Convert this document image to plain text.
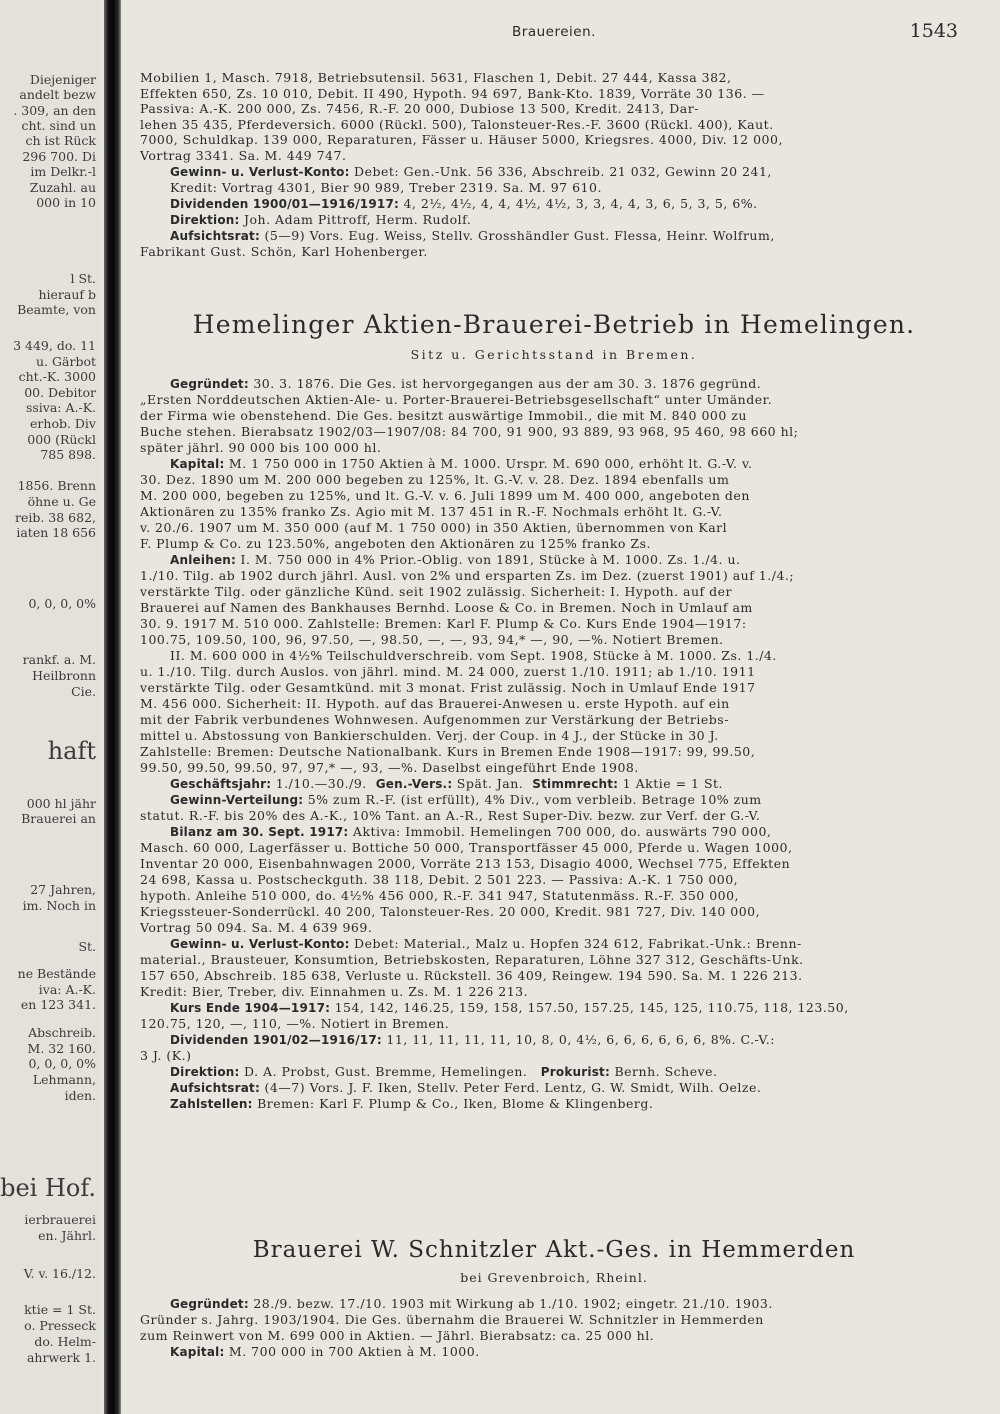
Diejeniger
andelt bezw
. 309, an den
cht. sind un
ch ist Rück
296 700. Di
im Delkr.-l
Zuzahl. au
000 in 10
l St.
hierauf b
Beamte, von
3 449, do. 11
u. Gärbot
cht.-K. 3000
00. Debitor
ssiva: A.-K.
erhob. Div
000 (Rückl
785 898.
1856. Brenn
öhne u. Ge
reib. 38 682,
iaten 18 656
0, 0, 0, 0%
rankf. a. M.
Heilbronn
Cie.
haft
000 hl jähr
Brauerei an
27 Jahren,
im. Noch in
St.
ne Bestände
iva: A.-K.
en 123 341.
Abschreib.
M. 32 160.
0, 0, 0, 0%
Lehmann,
iden.
bei Hof.
ierbrauerei
en. Jährl.
V. v. 16./12.
ktie = 1 St.
o. Presseck
do. Helm-
ahrwerk 1.
Brauereien.	1543
Mobilien 1, Masch. 7918, Betriebsutensil. 5631, Flaschen 1, Debit. 27 444, Kassa 382,
Effekten 650, Zs. 10 010, Debit. II 490, Hypoth. 94 697, Bank-Kto. 1839, Vorräte 30 136. —
Passiva: A.-K. 200 000, Zs. 7456, R.-F. 20 000, Dubiose 13 500, Kredit. 2413, Dar-
lehen 35 435, Pferdeversich. 6000 (Rückl. 500), Talonsteuer-Res.-F. 3600 (Rückl. 400), Kaut.
7000, Schuldkap. 139 000, Reparaturen, Fässer u. Häuser 5000, Kriegsres. 4000, Div. 12 000,
Vortrag 3341. Sa. M. 449 747.
Gewinn- u. Verlust-Konto: Debet: Gen.-Unk. 56 336, Abschreib. 21 032, Gewinn 20 241,
Kredit: Vortrag 4301, Bier 90 989, Treber 2319. Sa. M. 97 610.
Dividenden 1900/01—1916/1917: 4, 2½, 4½, 4, 4, 4½, 4½, 3, 3, 4, 4, 3, 6, 5, 3, 5, 6%.
Direktion: Joh. Adam Pittroff, Herm. Rudolf.
Aufsichtsrat: (5—9) Vors. Eug. Weiss, Stellv. Grosshändler Gust. Flessa, Heinr. Wolfrum,
Fabrikant Gust. Schön, Karl Hohenberger.
Hemelinger Aktien-Brauerei-Betrieb in Hemelingen.
Sitz u. Gerichtsstand in Bremen.
Gegründet: 30. 3. 1876. Die Ges. ist hervorgegangen aus der am 30. 3. 1876 gegründ.
„Ersten Norddeutschen Aktien-Ale- u. Porter-Brauerei-Betriebsgesellschaft“ unter Umänder.
der Firma wie obenstehend. Die Ges. besitzt auswärtige Immobil., die mit M. 840 000 zu
Buche stehen. Bierabsatz 1902/03—1907/08: 84 700, 91 900, 93 889, 93 968, 95 460, 98 660 hl;
später jährl. 90 000 bis 100 000 hl.
Kapital: M. 1 750 000 in 1750 Aktien à M. 1000. Urspr. M. 690 000, erhöht lt. G.-V. v.
30. Dez. 1890 um M. 200 000 begeben zu 125%, lt. G.-V. v. 28. Dez. 1894 ebenfalls um
M. 200 000, begeben zu 125%, und lt. G.-V. v. 6. Juli 1899 um M. 400 000, angeboten den
Aktionären zu 135% franko Zs. Agio mit M. 137 451 in R.-F. Nochmals erhöht lt. G.-V.
v. 20./6. 1907 um M. 350 000 (auf M. 1 750 000) in 350 Aktien, übernommen von Karl
F. Plump & Co. zu 123.50%, angeboten den Aktionären zu 125% franko Zs.
Anleihen: I. M. 750 000 in 4% Prior.-Oblig. von 1891, Stücke à M. 1000. Zs. 1./4. u.
1./10. Tilg. ab 1902 durch jährl. Ausl. von 2% und ersparten Zs. im Dez. (zuerst 1901) auf 1./4.;
verstärkte Tilg. oder gänzliche Künd. seit 1902 zulässig. Sicherheit: I. Hypoth. auf der
Brauerei auf Namen des Bankhauses Bernhd. Loose & Co. in Bremen. Noch in Umlauf am
30. 9. 1917 M. 510 000. Zahlstelle: Bremen: Karl F. Plump & Co. Kurs Ende 1904—1917:
100.75, 109.50, 100, 96, 97.50, —, 98.50, —, —, 93, 94,* —, 90, —%. Notiert Bremen.
II. M. 600 000 in 4½% Teilschuldverschreib. vom Sept. 1908, Stücke à M. 1000. Zs. 1./4.
u. 1./10. Tilg. durch Auslos. von jährl. mind. M. 24 000, zuerst 1./10. 1911; ab 1./10. 1911
verstärkte Tilg. oder Gesamtkünd. mit 3 monat. Frist zulässig. Noch in Umlauf Ende 1917
M. 456 000. Sicherheit: II. Hypoth. auf das Brauerei-Anwesen u. erste Hypoth. auf ein
mit der Fabrik verbundenes Wohnwesen. Aufgenommen zur Verstärkung der Betriebs-
mittel u. Abstossung von Bankierschulden. Verj. der Coup. in 4 J., der Stücke in 30 J.
Zahlstelle: Bremen: Deutsche Nationalbank. Kurs in Bremen Ende 1908—1917: 99, 99.50,
99.50, 99.50, 99.50, 97, 97,* —, 93, —%. Daselbst eingeführt Ende 1908.
Geschäftsjahr: 1./10.—30./9. Gen.-Vers.: Spät. Jan. Stimmrecht: 1 Aktie = 1 St.
Gewinn-Verteilung: 5% zum R.-F. (ist erfüllt), 4% Div., vom verbleib. Betrage 10% zum
statut. R.-F. bis 20% des A.-K., 10% Tant. an A.-R., Rest Super-Div. bezw. zur Verf. der G.-V.
Bilanz am 30. Sept. 1917: Aktiva: Immobil. Hemelingen 700 000, do. auswärts 790 000,
Masch. 60 000, Lagerfässer u. Bottiche 50 000, Transportfässer 45 000, Pferde u. Wagen 1000,
Inventar 20 000, Eisenbahnwagen 2000, Vorräte 213 153, Disagio 4000, Wechsel 775, Effekten
24 698, Kassa u. Postscheckguth. 38 118, Debit. 2 501 223. — Passiva: A.-K. 1 750 000,
hypoth. Anleihe 510 000, do. 4½% 456 000, R.-F. 341 947, Statutenmäss. R.-F. 350 000,
Kriegssteuer-Sonderrückl. 40 200, Talonsteuer-Res. 20 000, Kredit. 981 727, Div. 140 000,
Vortrag 50 094. Sa. M. 4 639 969.
Gewinn- u. Verlust-Konto: Debet: Material., Malz u. Hopfen 324 612, Fabrikat.-Unk.: Brenn-
material., Brausteuer, Konsumtion, Betriebskosten, Reparaturen, Löhne 327 312, Geschäfts-Unk.
157 650, Abschreib. 185 638, Verluste u. Rückstell. 36 409, Reingew. 194 590. Sa. M. 1 226 213.
Kredit: Bier, Treber, div. Einnahmen u. Zs. M. 1 226 213.
Kurs Ende 1904—1917: 154, 142, 146.25, 159, 158, 157.50, 157.25, 145, 125, 110.75, 118, 123.50,
120.75, 120, —, 110, —%. Notiert in Bremen.
Dividenden 1901/02—1916/17: 11, 11, 11, 11, 11, 10, 8, 0, 4½, 6, 6, 6, 6, 6, 6, 8%. C.-V.:
3 J. (K.)
Direktion: D. A. Probst, Gust. Bremme, Hemelingen. Prokurist: Bernh. Scheve.
Aufsichtsrat: (4—7) Vors. J. F. Iken, Stellv. Peter Ferd. Lentz, G. W. Smidt, Wilh. Oelze.
Zahlstellen: Bremen: Karl F. Plump & Co., Iken, Blome & Klingenberg.
Brauerei W. Schnitzler Akt.-Ges. in Hemmerden
bei Grevenbroich, Rheinl.
Gegründet: 28./9. bezw. 17./10. 1903 mit Wirkung ab 1./10. 1902; eingetr. 21./10. 1903.
Gründer s. Jahrg. 1903/1904. Die Ges. übernahm die Brauerei W. Schnitzler in Hemmerden
zum Reinwert von M. 699 000 in Aktien. — Jährl. Bierabsatz: ca. 25 000 hl.
Kapital: M. 700 000 in 700 Aktien à M. 1000.
